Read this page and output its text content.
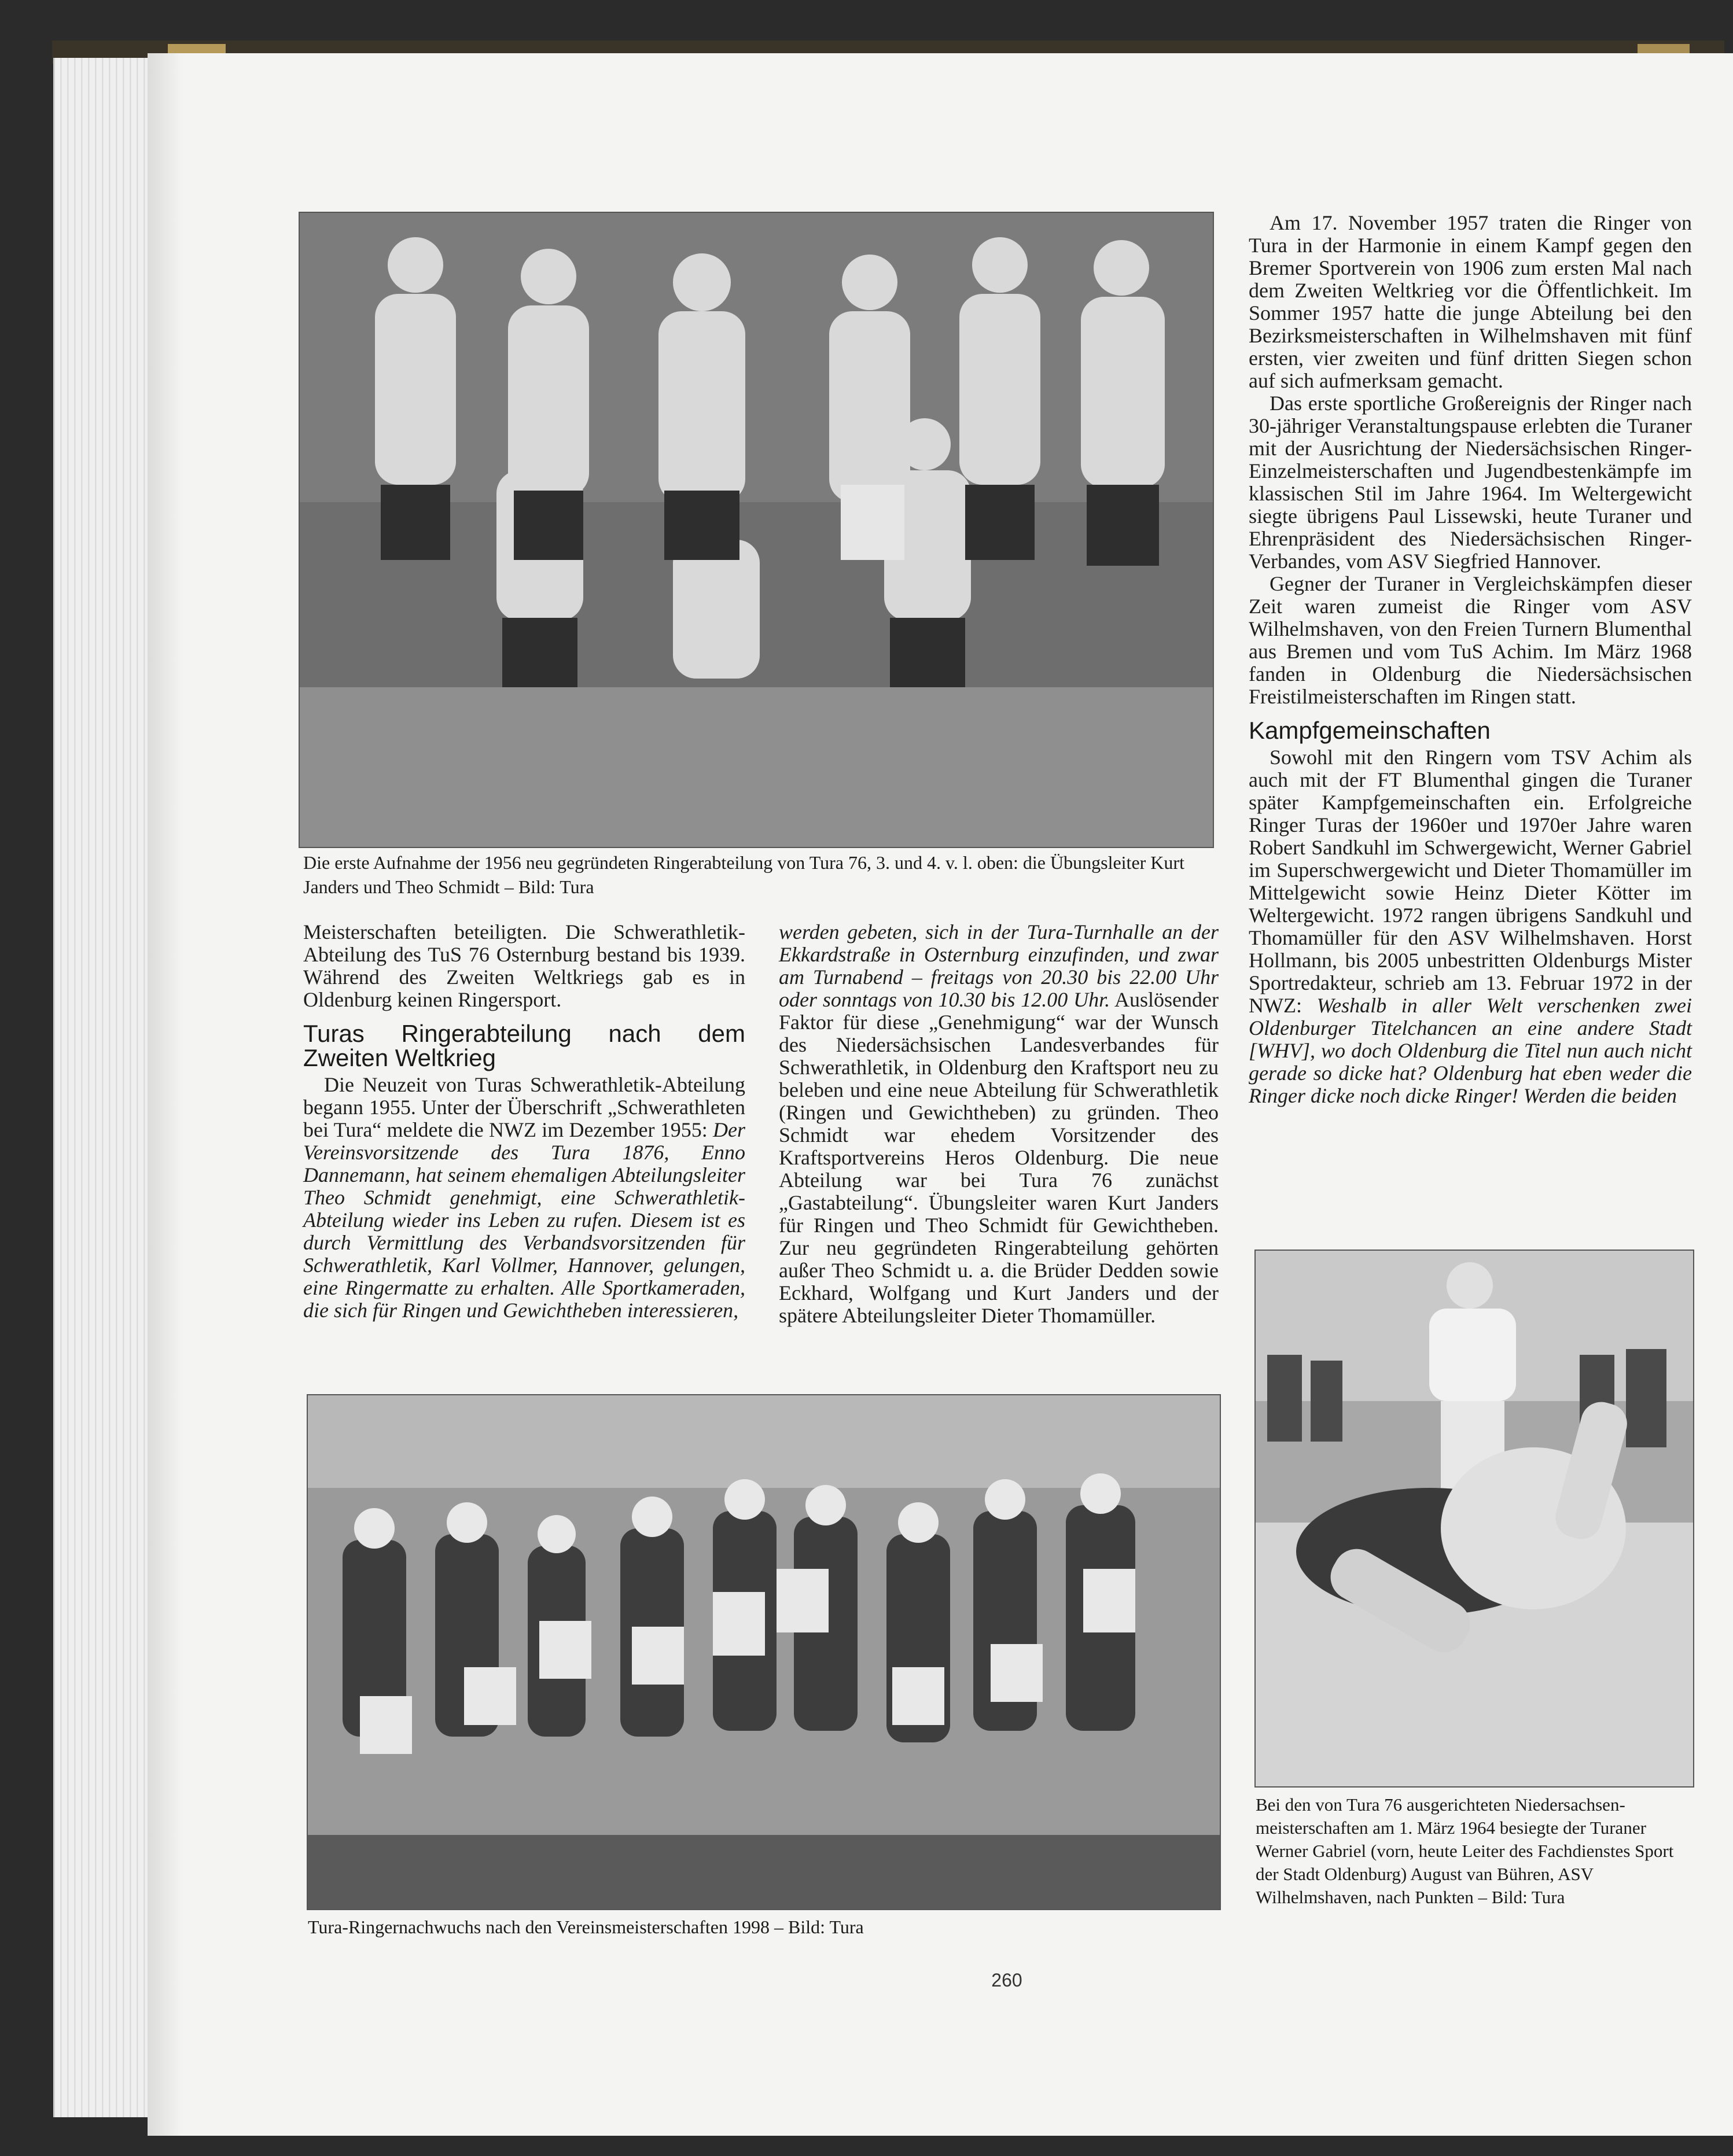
Die erste Aufnahme der 1956 neu gegründeten Ringerabteilung von Tura 76, 3. und 4. v. l. oben: die Übungsleiter Kurt Janders und Theo Schmidt – Bild: Tura

Meisterschaften beteiligten. Die Schwerathletik-Abteilung des TuS 76 Osternburg bestand bis 1939. Während des Zweiten Weltkriegs gab es in Oldenburg keinen Ringersport.

Turas Ringerabteilung nach dem Zweiten Weltkrieg

Die Neuzeit von Turas Schwerathletik-Abteilung begann 1955. Unter der Überschrift „Schwerathleten bei Tura“ meldete die NWZ im Dezember 1955: Der Vereinsvorsitzende des Tura 1876, Enno Dannemann, hat seinem ehemaligen Abteilungsleiter Theo Schmidt genehmigt, eine Schwerathletik-Abteilung wieder ins Leben zu rufen. Diesem ist es durch Vermittlung des Verbandsvorsitzenden für Schwerathletik, Karl Vollmer, Hannover, gelungen, eine Ringermatte zu erhalten. Alle Sportkameraden, die sich für Ringen und Gewichtheben interessieren,

werden gebeten, sich in der Tura-Turnhalle an der Ekkardstraße in Osternburg einzufinden, und zwar am Turnabend – freitags von 20.30 bis 22.00 Uhr oder sonntags von 10.30 bis 12.00 Uhr. Auslösender Faktor für diese „Genehmigung“ war der Wunsch des Niedersächsischen Landesverbandes für Schwerathletik, in Oldenburg den Kraftsport neu zu beleben und eine neue Abteilung für Schwerathletik (Ringen und Gewichtheben) zu gründen. Theo Schmidt war ehedem Vorsitzender des Kraftsportvereins Heros Oldenburg. Die neue Abteilung war bei Tura 76 zunächst „Gastabteilung“. Übungsleiter waren Kurt Janders für Ringen und Theo Schmidt für Gewichtheben. Zur neu gegründeten Ringerabteilung gehörten außer Theo Schmidt u. a. die Brüder Dedden sowie Eckhard, Wolfgang und Kurt Janders und der spätere Abteilungsleiter Dieter Thomamüller.

Am 17. November 1957 traten die Ringer von Tura in der Harmonie in einem Kampf gegen den Bremer Sportverein von 1906 zum ersten Mal nach dem Zweiten Weltkrieg vor die Öffentlichkeit. Im Sommer 1957 hatte die junge Abteilung bei den Bezirksmeisterschaften in Wilhelmshaven mit fünf ersten, vier zweiten und fünf dritten Siegen schon auf sich aufmerksam gemacht.

Das erste sportliche Großereignis der Ringer nach 30-jähriger Veranstaltungspause erlebten die Turaner mit der Ausrichtung der Niedersächsischen Ringer-Einzelmeisterschaften und Jugendbestenkämpfe im klassischen Stil im Jahre 1964. Im Weltergewicht siegte übrigens Paul Lissewski, heute Turaner und Ehrenpräsident des Niedersächsischen Ringer-Verbandes, vom ASV Siegfried Hannover.

Gegner der Turaner in Vergleichskämpfen dieser Zeit waren zumeist die Ringer vom ASV Wilhelmshaven, von den Freien Turnern Blumenthal aus Bremen und vom TuS Achim. Im März 1968 fanden in Oldenburg die Niedersächsischen Freistilmeisterschaften im Ringen statt.

Kampfgemeinschaften

Sowohl mit den Ringern vom TSV Achim als auch mit der FT Blumenthal gingen die Turaner später Kampfgemeinschaften ein. Erfolgreiche Ringer Turas der 1960er und 1970er Jahre waren Robert Sandkuhl im Schwergewicht, Werner Gabriel im Superschwergewicht und Dieter Thomamüller im Mittelgewicht sowie Heinz Dieter Kötter im Weltergewicht. 1972 rangen übrigens Sandkuhl und Thomamüller für den ASV Wilhelmshaven. Horst Hollmann, bis 2005 unbestritten Oldenburgs Mister Sportredakteur, schrieb am 13. Februar 1972 in der NWZ: Weshalb in aller Welt verschenken zwei Oldenburger Titelchancen an eine andere Stadt [WHV], wo doch Oldenburg die Titel nun auch nicht gerade so dicke hat? Oldenburg hat eben weder die Ringer dicke noch dicke Ringer! Werden die beiden

Tura-Ringernachwuchs nach den Vereinsmeisterschaften 1998 – Bild: Tura
Bei den von Tura 76 ausgerichteten Niedersachsenmeisterschaften am 1. März 1964 besiegte der Turaner Werner Gabriel (vorn, heute Leiter des Fachdienstes Sport der Stadt Oldenburg) August van Bühren, ASV Wilhelmshaven, nach Punkten – Bild: Tura
260
